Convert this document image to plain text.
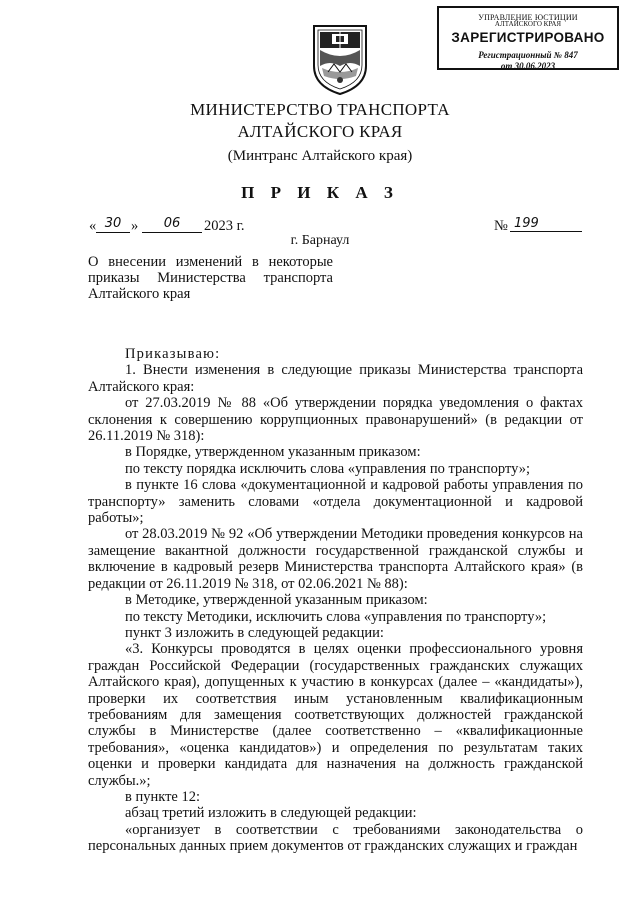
УПРАВЛЕНИЕ ЮСТИЦИИ
АЛТАЙСКОГО КРАЯ
ЗАРЕГИСТРИРОВАНО
Регистрационный № 847
от 30.06.2023
МИНИСТЕРСТВО ТРАНСПОРТА
АЛТАЙСКОГО КРАЯ
(Минтранс Алтайского края)
П Р И К А З
« 30 »	06	2023 г.	№ 199
г. Барнаул
О внесении изменений в некоторые
приказы Министерства транспорта
Алтайского края

Приказываю:

1. Внести изменения в следующие приказы Министерства транспорта Алтайского края:

от 27.03.2019 № 88 «Об утверждении порядка уведомления о фактах склонения к совершению коррупционных правонарушений» (в редакции от 26.11.2019 № 318):

в Порядке, утвержденном указанным приказом:

по тексту порядка исключить слова «управления по транспорту»;

в пункте 16 слова «документационной и кадровой работы управления по транспорту» заменить словами «отдела документационной и кадровой работы»;

от 28.03.2019 № 92 «Об утверждении Методики проведения конкурсов на замещение вакантной должности государственной гражданской службы и включение в кадровый резерв Министерства транспорта Алтайского края» (в редакции от 26.11.2019 № 318, от 02.06.2021 № 88):

в Методике, утвержденной указанным приказом:

по тексту Методики, исключить слова «управления по транспорту»;

пункт 3 изложить в следующей редакции:

«3. Конкурсы проводятся в целях оценки профессионального уровня граждан Российской Федерации (государственных гражданских служащих Алтайского края), допущенных к участию в конкурсах (далее – «кандидаты»), проверки их соответствия иным установленным квалификационным требованиям для замещения соответствующих должностей гражданской службы в Министерстве (далее соответственно – «квалификационные требования», «оценка кандидатов») и определения по результатам таких оценки и проверки кандидата для назначения на должность гражданской службы.»;

в пункте 12:

абзац третий изложить в следующей редакции:

«организует в соответствии с требованиями законодательства о персональных данных прием документов от гражданских служащих и граждан
